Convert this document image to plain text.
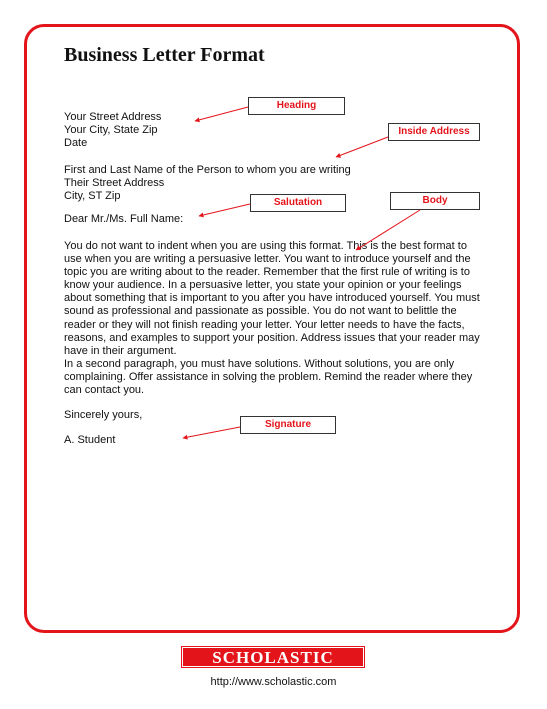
Business Letter Format
Your Street Address
Your City, State Zip
Date
First and Last Name of the Person to whom you are writing
Their Street Address
City, ST Zip
Dear Mr./Ms. Full Name:

You do not want to indent when you are using this format. This is the best format to use when you are writing a persuasive letter. You want to introduce yourself and the topic you are writing about to the reader. Remember that the first rule of writing is to know your audience. In a persuasive letter, you state your opinion or your feelings about something that is important to you after you have introduced yourself. You must sound as professional and passionate as possible. You do not want to belittle the reader or they will not finish reading your letter. Your letter needs to have the facts, reasons, and examples to support your position. Address issues that your reader may have in their argument.
In a second paragraph, you must have solutions. Without solutions, you are only complaining. Offer assistance in solving the problem. Remind the reader where they can contact you.

Sincerely yours,
A. Student
Heading
Inside Address
Salutation	Body
Signature
SCHOLASTIC
http://www.scholastic.com
